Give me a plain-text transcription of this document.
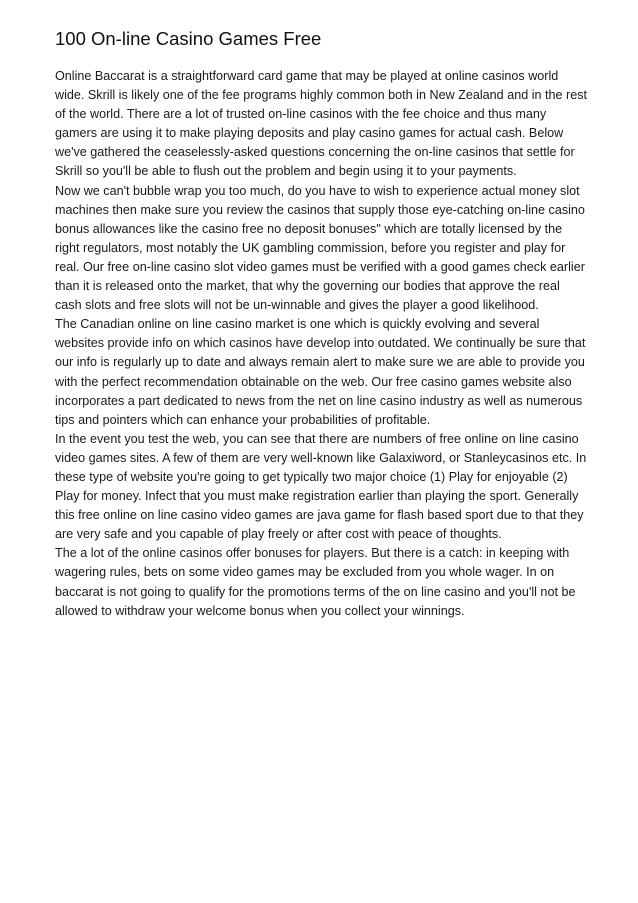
100 On-line Casino Games Free

Online Baccarat is a straightforward card game that may be played at online casinos world wide. Skrill is likely one of the fee programs highly common both in New Zealand and in the rest of the world. There are a lot of trusted on-line casinos with the fee choice and thus many gamers are using it to make playing deposits and play casino games for actual cash. Below we've gathered the ceaselessly-asked questions concerning the on-line casinos that settle for Skrill so you'll be able to flush out the problem and begin using it to your payments.

Now we can't bubble wrap you too much, do you have to wish to experience actual money slot machines then make sure you review the casinos that supply those eye-catching on-line casino bonus allowances like the casino free no deposit bonuses" which are totally licensed by the right regulators, most notably the UK gambling commission, before you register and play for real. Our free on-line casino slot video games must be verified with a good games check earlier than it is released onto the market, that why the governing our bodies that approve the real cash slots and free slots will not be un-winnable and gives the player a good likelihood.

The Canadian online on line casino market is one which is quickly evolving and several websites provide info on which casinos have develop into outdated. We continually be sure that our info is regularly up to date and always remain alert to make sure we are able to provide you with the perfect recommendation obtainable on the web. Our free casino games website also incorporates a part dedicated to news from the net on line casino industry as well as numerous tips and pointers which can enhance your probabilities of profitable.

In the event you test the web, you can see that there are numbers of free online on line casino video games sites. A few of them are very well-known like Galaxiword, or Stanleycasinos etc. In these type of website you're going to get typically two major choice (1) Play for enjoyable (2) Play for money. Infect that you must make registration earlier than playing the sport. Generally this free online on line casino video games are java game for flash based sport due to that they are very safe and you capable of play freely or after cost with peace of thoughts.

The a lot of the online casinos offer bonuses for players. But there is a catch: in keeping with wagering rules, bets on some video games may be excluded from you whole wager. In on baccarat is not going to qualify for the promotions terms of the on line casino and you'll not be allowed to withdraw your welcome bonus when you collect your winnings.
